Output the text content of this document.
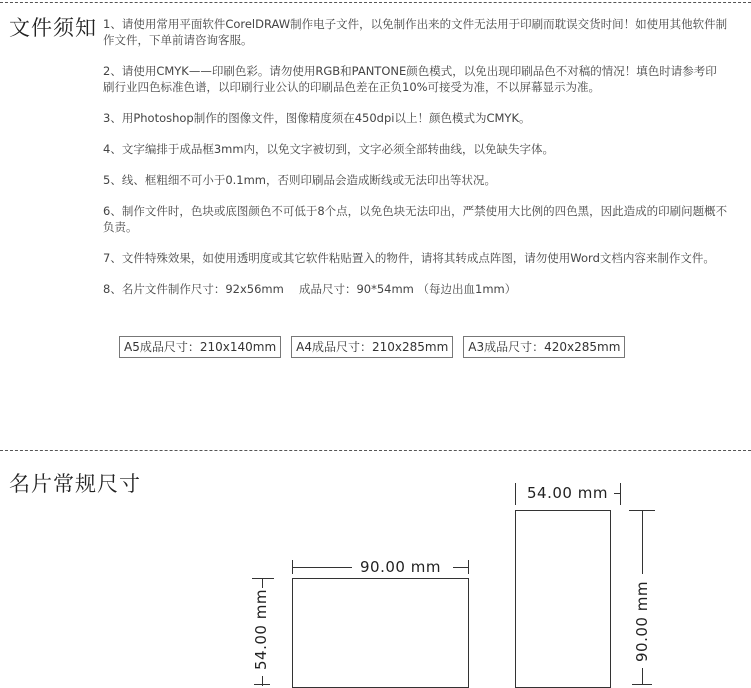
文件须知 1、请使用常用平面软件CorelDRAW制作电子文件，以免制作出来的文件无法用于印刷而耽误交货时间！如使用其他软件制作文件，下单前请咨询客服。

2、请使用CMYK——印刷色彩。请勿使用RGB和PANTONE颜色模式，以免出现印刷品色不对稿的情况！填色时请参考印刷行业四色标准色谱，以印刷行业公认的印刷品色差在正负10%可接受为准，不以屏幕显示为准。

3、用Photoshop制作的图像文件，图像精度须在450dpi以上！颜色模式为CMYK。

4、文字编排于成品框3mm内，以免文字被切到，文字必须全部转曲线，以免缺失字体。

5、线、框粗细不可小于0.1mm，否则印刷品会造成断线或无法印出等状况。

6、制作文件时，色块或底图颜色不可低于8个点，以免色块无法印出，严禁使用大比例的四色黑，因此造成的印刷问题概不负责。

7、文件特殊效果，如使用透明度或其它软件粘贴置入的物件，请将其转成点阵图，请勿使用Word文档内容来制作文件。

8、名片文件制作尺寸：92x56mm　 成品尺寸：90*54mm （每边出血1mm）

A5成品尺寸：210x140mm	A4成品尺寸：210x285mm	A3成品尺寸：420x285mm
名片常规尺寸
90.00 mm
54.00 mm
54.00 mm
90.00 mm
